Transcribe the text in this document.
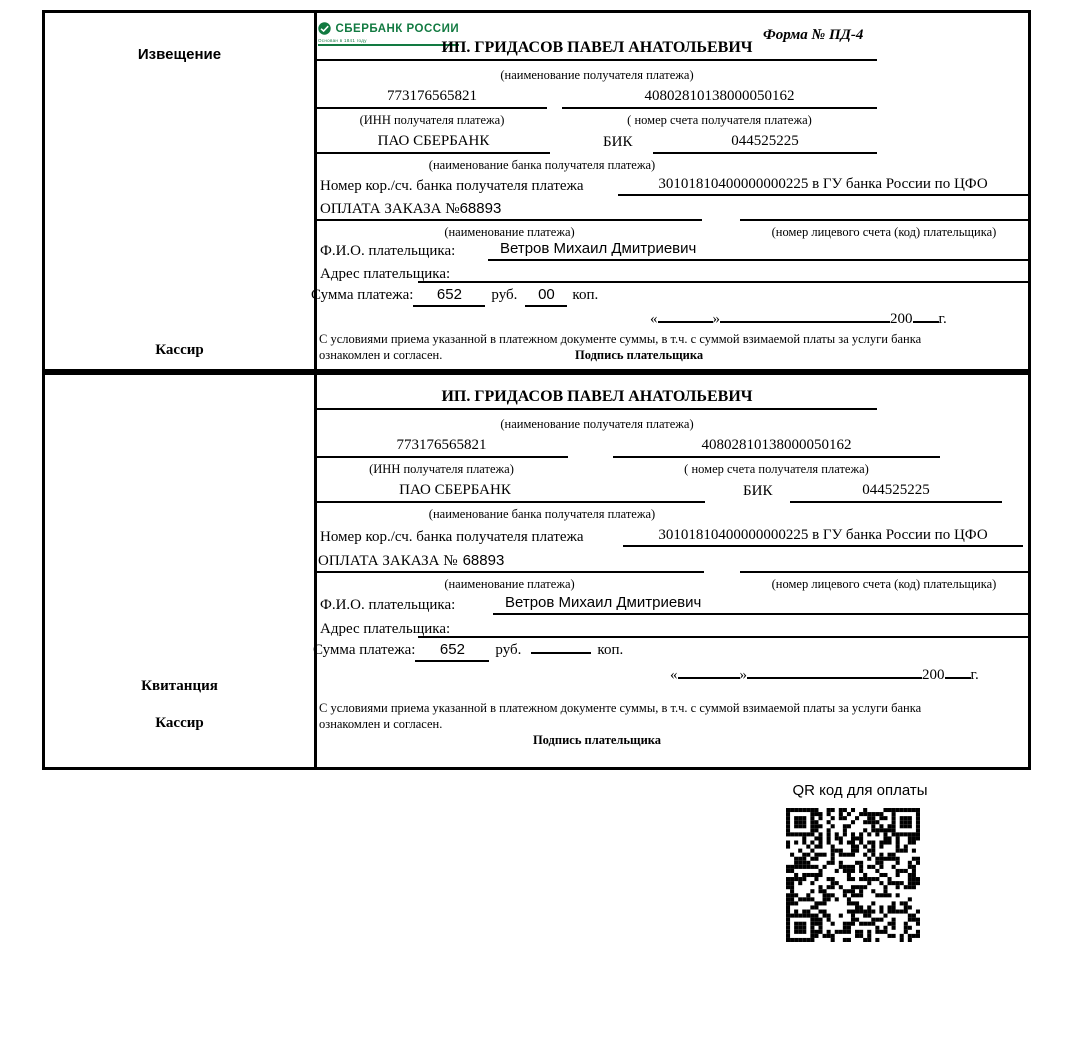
Извещение
Кассир
СБЕРБАНК РОССИИ
Основан в 1841 году	Форма № ПД-4
ИП. ГРИДАСОВ ПАВЕЛ АНАТОЛЬЕВИЧ
(наименование получателя платежа)
773176565821	40802810138000050162
(ИНН получателя платежа)	( номер счета получателя платежа)
ПАО СБЕРБАНК	БИК	044525225
(наименование банка получателя платежа)
Номер кор./сч. банка получателя платежа	30101810400000000225 в ГУ банка России по ЦФО
ОПЛАТА ЗАКАЗА №68893
(наименование платежа)	(номер лицевого счета (код) плательщика)
Ф.И.О. плательщика:	Ветров Михаил Дмитриевич
Адрес плательщика:
Сумма платежа: 652 руб. 00 коп.
«	»	200 г.
С условиями приема указанной в платежном документе суммы, в т.ч. с суммой взимаемой платы за услуги банка
ознакомлен и согласен.	Подпись плательщика
Квитанция
Кассир
ИП. ГРИДАСОВ ПАВЕЛ АНАТОЛЬЕВИЧ
(наименование получателя платежа)
773176565821	40802810138000050162
(ИНН получателя платежа)	( номер счета получателя платежа)
ПАО СБЕРБАНК	БИК	044525225
(наименование банка получателя платежа)
Номер кор./сч. банка получателя платежа	30101810400000000225 в ГУ банка России по ЦФО
ОПЛАТА ЗАКАЗА № 68893
(наименование платежа)	(номер лицевого счета (код) плательщика)
Ф.И.О. плательщика:	Ветров Михаил Дмитриевич
Адрес плательщика:
Сумма платежа: 652 руб.	коп.
«	»	200 г.
С условиями приема указанной в платежном документе суммы, в т.ч. с суммой взимаемой платы за услуги банка
ознакомлен и согласен.
Подпись плательщика
QR код для оплаты
